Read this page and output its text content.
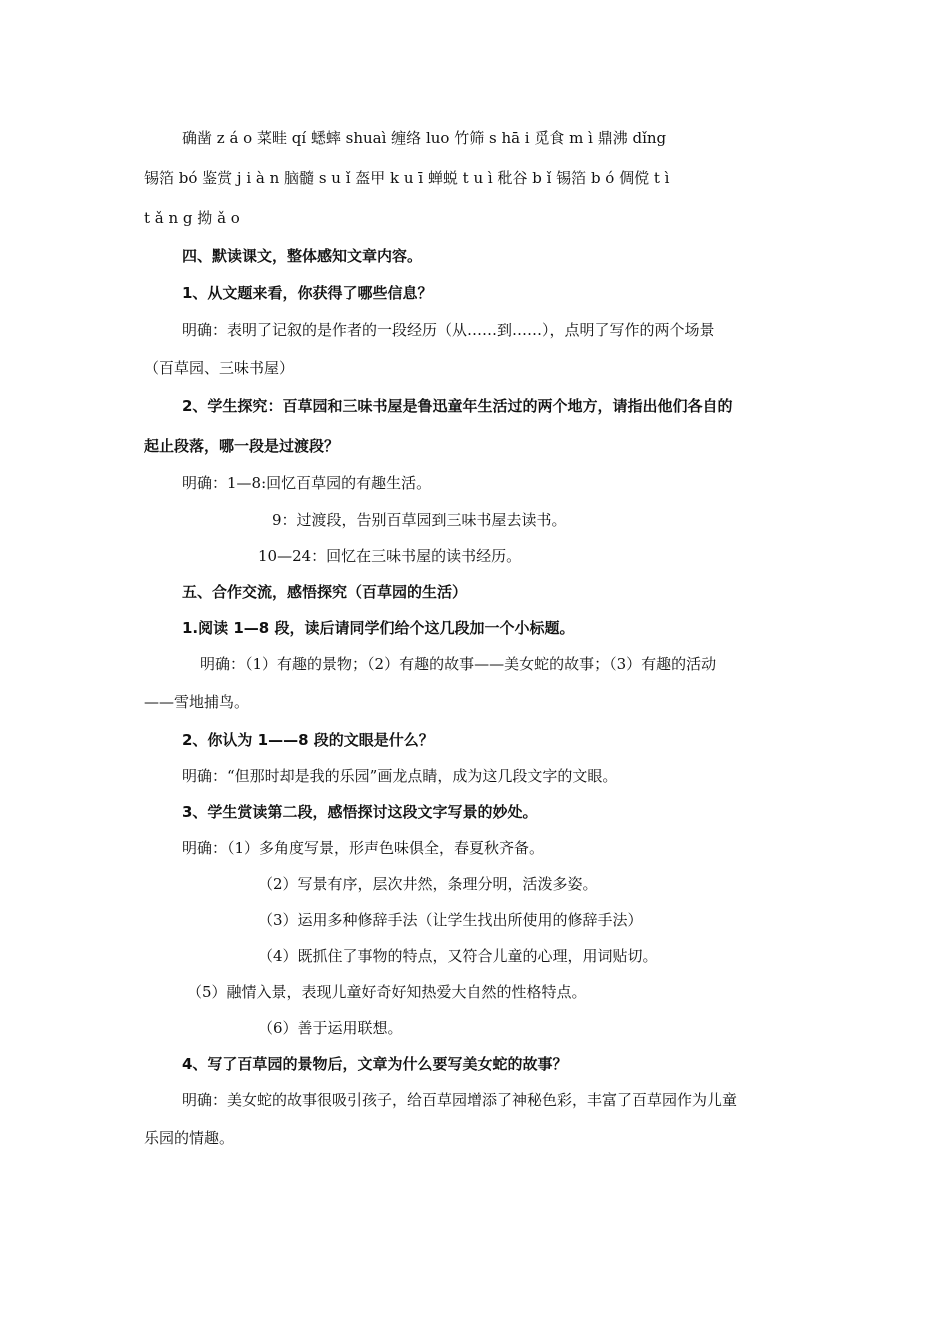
确凿 z á o 菜畦 qí 蟋蟀 shuaì 缠络 luo 竹筛 s hā i 觅食 m ì 鼎沸 dǐng
锡箔 bó 鉴赏 j i à n 脑髓 s u ǐ 盔甲 k u ī 蝉蜕 t u ì 秕谷 b ǐ 锡箔 b ó 倜傥 t ì
t ǎ n g 拗 ǎ o
四、默读课文，整体感知文章内容。
1、从文题来看，你获得了哪些信息？
明确：表明了记叙的是作者的一段经历（从……到……），点明了写作的两个场景
（百草园、三味书屋）
2、学生探究：百草园和三味书屋是鲁迅童年生活过的两个地方，请指出他们各自的
起止段落，哪一段是过渡段？
明确：1—8:回忆百草园的有趣生活。
9：过渡段，告别百草园到三味书屋去读书。
10—24：回忆在三味书屋的读书经历。
五、合作交流，感悟探究（百草园的生活）
1.阅读 1—8 段，读后请同学们给个这几段加一个小标题。
明确：（1）有趣的景物；（2）有趣的故事——美女蛇的故事；（3）有趣的活动
——雪地捕鸟。
2、你认为 1——8 段的文眼是什么？
明确：“但那时却是我的乐园”画龙点睛，成为这几段文字的文眼。
3、学生赏读第二段，感悟探讨这段文字写景的妙处。
明确：（1）多角度写景，形声色味俱全，春夏秋齐备。
（2）写景有序，层次井然，条理分明，活泼多姿。
（3）运用多种修辞手法（让学生找出所使用的修辞手法）
（4）既抓住了事物的特点，又符合儿童的心理，用词贴切。
（5）融情入景，表现儿童好奇好知热爱大自然的性格特点。
（6）善于运用联想。
4、写了百草园的景物后，文章为什么要写美女蛇的故事？
明确：美女蛇的故事很吸引孩子，给百草园增添了神秘色彩，丰富了百草园作为儿童
乐园的情趣。
